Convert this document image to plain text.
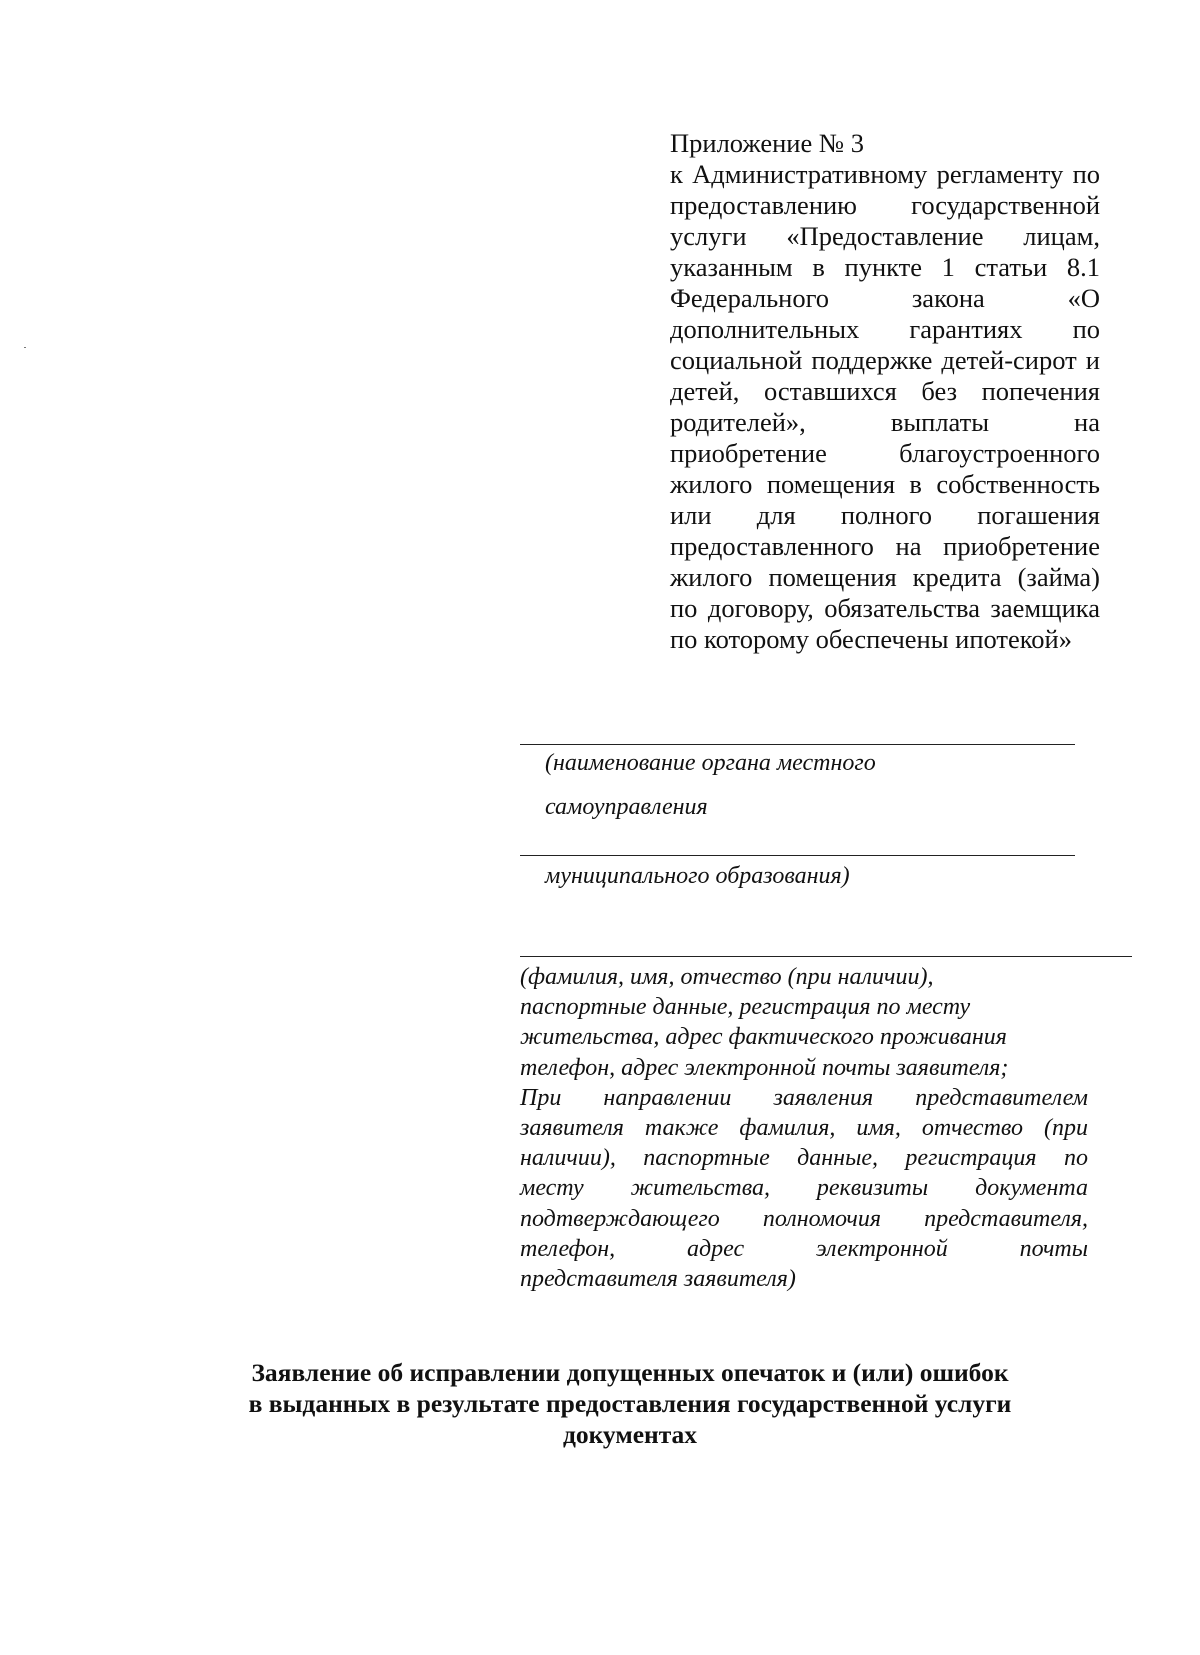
Приложение № 3
к Административному регламенту по предоставлению государственной услуги «Предоставление лицам, указанным в пункте 1 статьи 8.1 Федерального закона «О дополнительных гарантиях по социальной поддержке детей-сирот и детей, оставшихся без попечения родителей», выплаты на приобретение благоустроенного жилого помещения в собственность или для полного погашения предоставленного на приобретение жилого помещения кредита (займа) по договору, обязательства заемщика по которому обеспечены ипотекой»
(наименование органа местного
самоуправления
муниципального образования)
(фамилия, имя, отчество (при наличии),
паспортные данные, регистрация по месту
жительства, адрес фактического проживания
телефон, адрес электронной почты заявителя;
При направлении заявления представителем
заявителя также фамилия, имя, отчество (при
наличии), паспортные данные, регистрация по
месту жительства, реквизиты документа
подтверждающего полномочия представителя,
телефон, адрес электронной почты
представителя заявителя)
Заявление об исправлении допущенных опечаток и (или) ошибок
в выданных в результате предоставления государственной услуги
документах
